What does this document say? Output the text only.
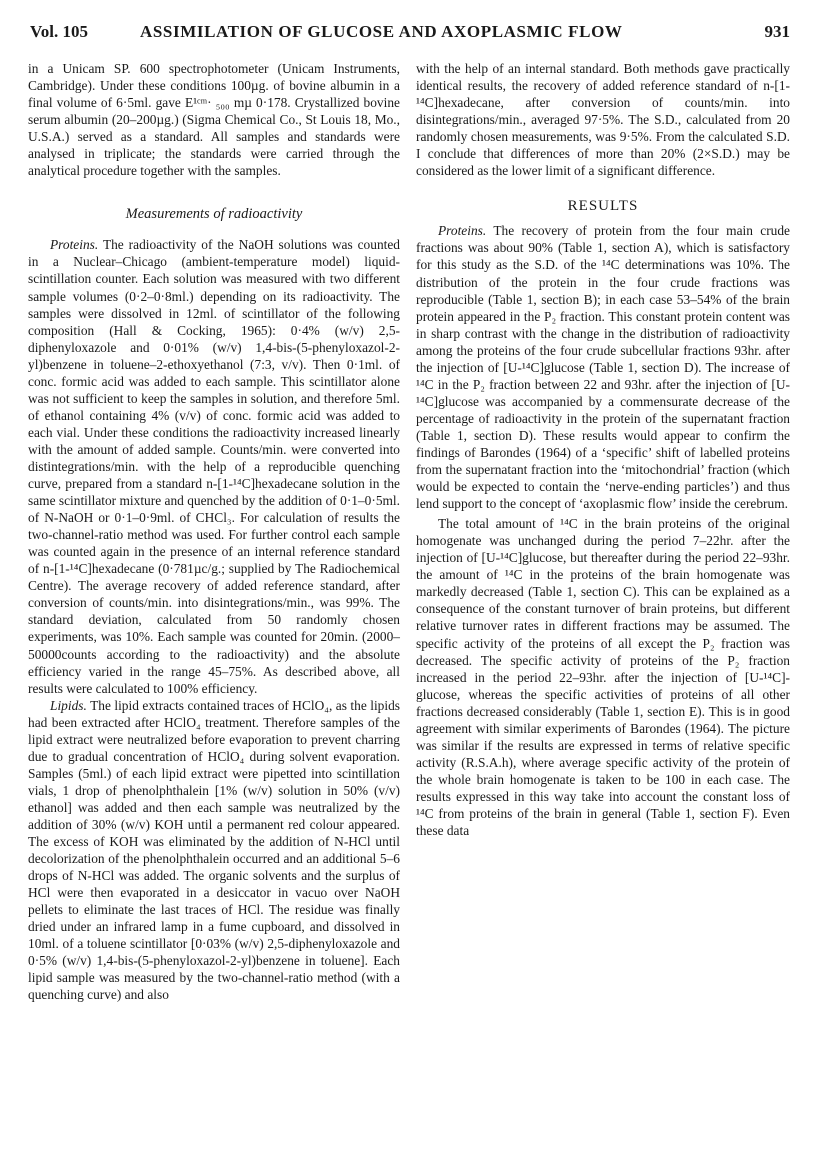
Vol. 105	ASSIMILATION OF GLUCOSE AND AXOPLASMIC FLOW	931

in a Unicam SP. 600 spectrophotometer (Unicam Instruments, Cambridge). Under these conditions 100µg. of bovine albumin in a final volume of 6·5ml. gave E¹ᶜᵐ· ₅₀₀ mµ 0·178. Crystallized bovine serum albumin (20–200µg.) (Sigma Chemical Co., St Louis 18, Mo., U.S.A.) served as a standard. All samples and standards were analysed in triplicate; the standards were carried through the analytical procedure together with the samples.

Measurements of radioactivity

Proteins. The radioactivity of the NaOH solutions was counted in a Nuclear–Chicago (ambient-temperature model) liquid-scintillation counter. Each solution was measured with two different sample volumes (0·2–0·8ml.) depending on its radioactivity. The samples were dissolved in 12ml. of scintillator of the following composition (Hall & Cocking, 1965): 0·4% (w/v) 2,5-diphenyloxazole and 0·01% (w/v) 1,4-bis-(5-phenyloxazol-2-yl)benzene in toluene–2-ethoxyethanol (7:3, v/v). Then 0·1ml. of conc. formic acid was added to each sample. This scintillator alone was not sufficient to keep the samples in solution, and therefore 5ml. of ethanol containing 4% (v/v) of conc. formic acid was added to each vial. Under these conditions the radioactivity increased linearly with the amount of added sample. Counts/min. were converted into distintegrations/min. with the help of a reproducible quenching curve, prepared from a standard n-[1-¹⁴C]hexadecane solution in the same scintillator mixture and quenched by the addition of 0·1–0·5ml. of N-NaOH or 0·1–0·9ml. of CHCl₃. For calculation of results the two-channel-ratio method was used. For further control each sample was counted again in the presence of an internal reference standard of n-[1-¹⁴C]hexadecane (0·781µc/g.; supplied by The Radiochemical Centre). The average recovery of added reference standard, after conversion of counts/min. into disintegrations/min., was 99%. The standard deviation, calculated from 50 randomly chosen experiments, was 10%. Each sample was counted for 20min. (2000–50000counts according to the radioactivity) and the absolute efficiency varied in the range 45–75%. As described above, all results were calculated to 100% efficiency.

Lipids. The lipid extracts contained traces of HClO₄, as the lipids had been extracted after HClO₄ treatment. Therefore samples of the lipid extract were neutralized before evaporation to prevent charring due to gradual concentration of HClO₄ during solvent evaporation. Samples (5ml.) of each lipid extract were pipetted into scintillation vials, 1 drop of phenolphthalein [1% (w/v) solution in 50% (v/v) ethanol] was added and then each sample was neutralized by the addition of 30% (w/v) KOH until a permanent red colour appeared. The excess of KOH was eliminated by the addition of N-HCl until decolorization of the phenolphthalein occurred and an additional 5–6 drops of N-HCl was added. The organic solvents and the surplus of HCl were then evaporated in a desiccator in vacuo over NaOH pellets to eliminate the last traces of HCl. The residue was finally dried under an infrared lamp in a fume cupboard, and dissolved in 10ml. of a toluene scintillator [0·03% (w/v) 2,5-diphenyloxazole and 0·5% (w/v) 1,4-bis-(5-phenyloxazol-2-yl)benzene in toluene]. Each lipid sample was measured by the two-channel-ratio method (with a quenching curve) and also

with the help of an internal standard. Both methods gave practically identical results, the recovery of added reference standard of n-[1-¹⁴C]hexadecane, after conversion of counts/min. into disintegrations/min., averaged 97·5%. The S.D., calculated from 20 randomly chosen measurements, was 9·5%. From the calculated S.D. I conclude that differences of more than 20% (2×S.D.) may be considered as the lower limit of a significant difference.

RESULTS

Proteins. The recovery of protein from the four main crude fractions was about 90% (Table 1, section A), which is satisfactory for this study as the S.D. of the ¹⁴C determinations was 10%. The distribution of the protein in the four crude fractions was reproducible (Table 1, section B); in each case 53–54% of the brain protein appeared in the P₂ fraction. This constant protein content was in sharp contrast with the change in the distribution of radioactivity among the proteins of the four crude subcellular fractions 93hr. after the injection of [U-¹⁴C]glucose (Table 1, section D). The increase of ¹⁴C in the P₂ fraction between 22 and 93hr. after the injection of [U-¹⁴C]glucose was accompanied by a commensurate decrease of the percentage of radioactivity in the protein of the supernatant fraction (Table 1, section D). These results would appear to confirm the findings of Barondes (1964) of a ‘specific’ shift of labelled proteins from the supernatant fraction into the ‘mitochondrial’ fraction (which would be expected to contain the ‘nerve-ending particles’) and thus lend support to the concept of ‘axoplasmic flow’ inside the cerebrum.

The total amount of ¹⁴C in the brain proteins of the original homogenate was unchanged during the period 7–22hr. after the injection of [U-¹⁴C]glucose, but thereafter during the period 22–93hr. the amount of ¹⁴C in the proteins of the brain homogenate was markedly decreased (Table 1, section C). This can be explained as a consequence of the constant turnover of brain proteins, but different relative turnover rates in different fractions may be assumed. The specific activity of the proteins of all except the P₂ fraction was decreased. The specific activity of proteins of the P₂ fraction increased in the period 22–93hr. after the injection of [U-¹⁴C]-glucose, whereas the specific activities of proteins of all other fractions decreased considerably (Table 1, section E). This is in good agreement with similar experiments of Barondes (1964). The picture was similar if the results are expressed in terms of relative specific activity (R.S.A.h), where average specific activity of the protein of the whole brain homogenate is taken to be 100 in each case. The results expressed in this way take into account the constant loss of ¹⁴C from proteins of the brain in general (Table 1, section F). Even these data
